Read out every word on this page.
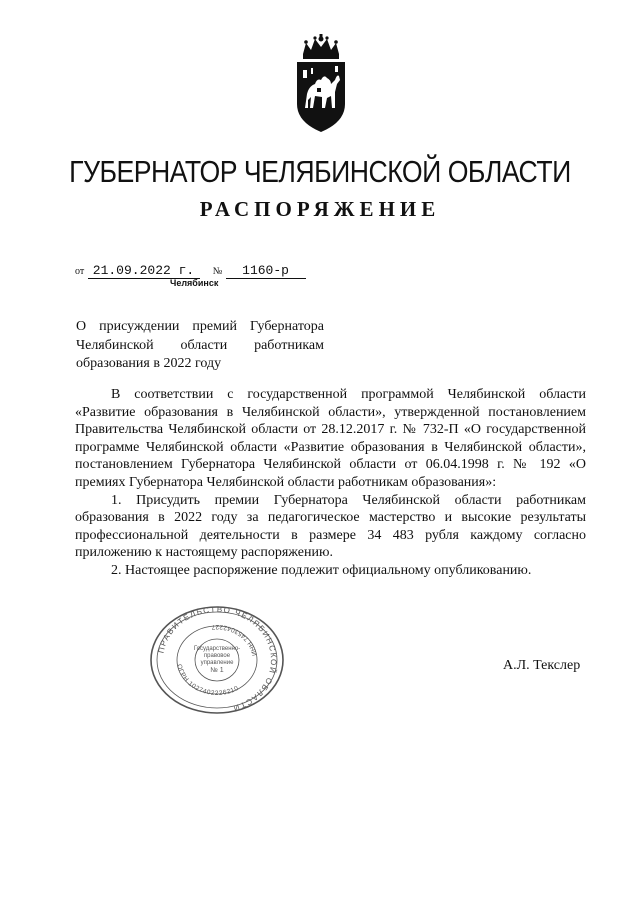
ГУБЕРНАТОР ЧЕЛЯБИНСКОЙ ОБЛАСТИ
РАСПОРЯЖЕНИЕ
от 21.09.2022 г. № 1160-р
Челябинск
О присуждении премий Губернатора
Челябинской области работникам
образования в 2022 году

В соответствии с государственной программой Челябинской области «Развитие образования в Челябинской области», утвержденной постановлением Правительства Челябинской области от 28.12.2017 г. № 732-П «О государственной программе Челябинской области «Развитие образования в Челябинской области», постановлением Губернатора Челябинской области от 06.04.1998 г. № 192 «О премиях Губернатора Челябинской области работникам образования»:

1. Присудить премии Губернатора Челябинской области работникам образования в 2022 году за педагогическое мастерство и высокие результаты профессиональной деятельности в размере 34 483 рубля каждому согласно приложению к настоящему распоряжению.

2. Настоящее распоряжение подлежит официальному опубликованию.

ПРАВИТЕЛЬСТВО ЧЕЛЯБИНСКОЙ ОБЛАСТИ
ОГРН 1027402226210
ИНН 7453042227
Государственно-
правовое
управление
№ 1	А.Л. Текслер
